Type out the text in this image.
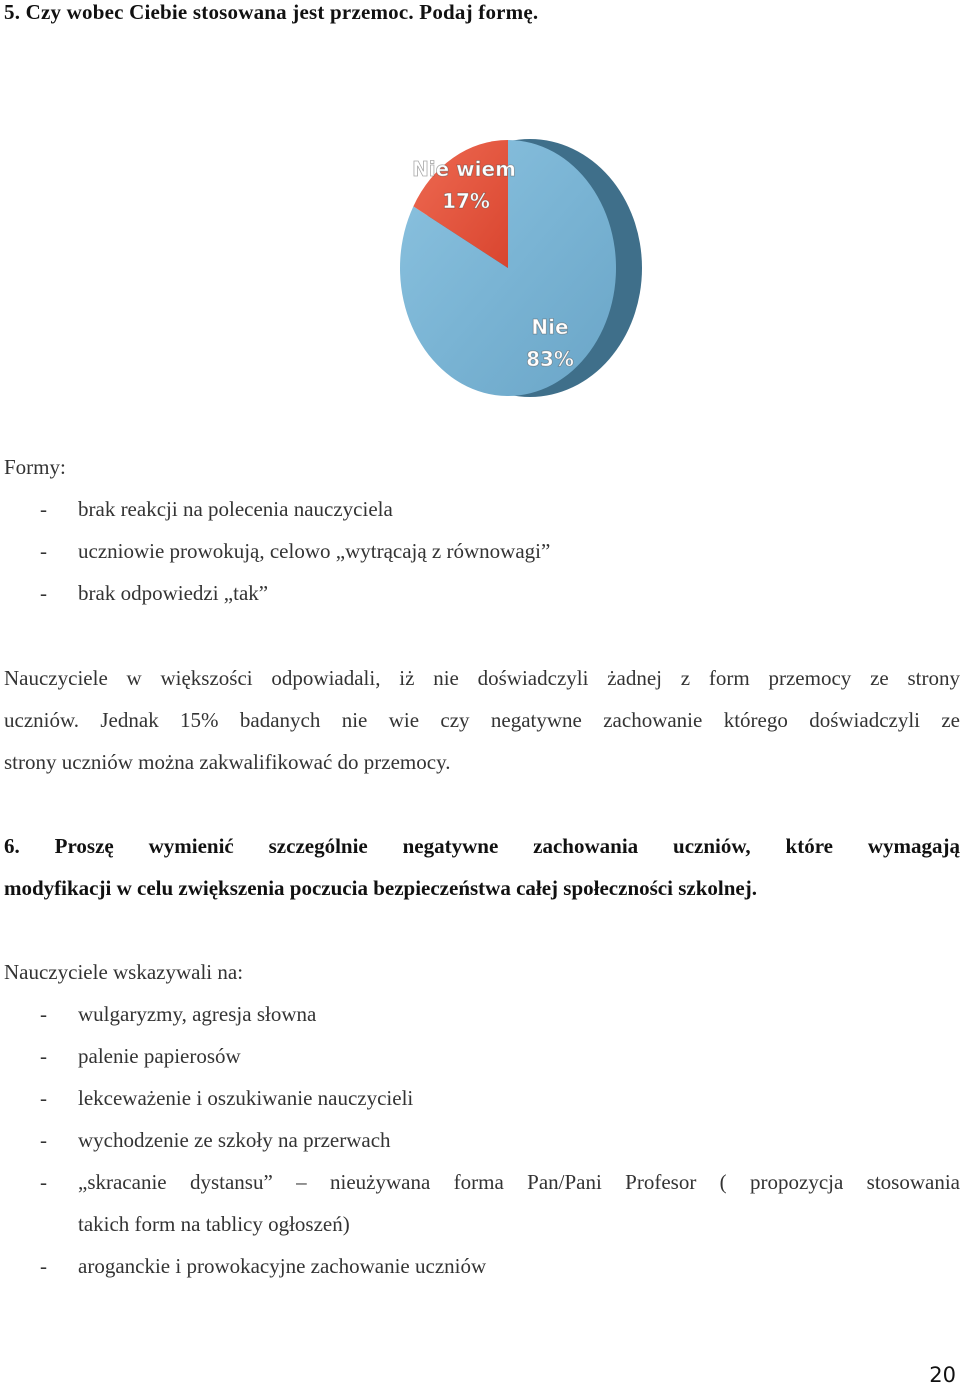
5. Czy wobec Ciebie stosowana jest przemoc. Podaj formę.
Nie wiem
17%
Nie
83%
Formy:
- brak reakcji na polecenia nauczyciela
- uczniowie prowokują, celowo „wytrącają z równowagi”
- brak odpowiedzi „tak”
Nauczyciele w większości odpowiadali, iż nie doświadczyli żadnej z form przemocy ze strony
uczniów. Jednak 15% badanych nie wie czy negatywne zachowanie którego doświadczyli ze
strony uczniów można zakwalifikować do przemocy.
6. Proszę wymienić szczególnie negatywne zachowania uczniów, które wymagają
modyfikacji w celu zwiększenia poczucia bezpieczeństwa całej społeczności szkolnej.
Nauczyciele wskazywali na:
- wulgaryzmy, agresja słowna
- palenie papierosów
- lekceważenie i oszukiwanie nauczycieli
- wychodzenie ze szkoły na przerwach
- „skracanie dystansu” – nieużywana forma Pan/Pani Profesor ( propozycja stosowania
takich form na tablicy ogłoszeń)
- aroganckie i prowokacyjne zachowanie uczniów
20
